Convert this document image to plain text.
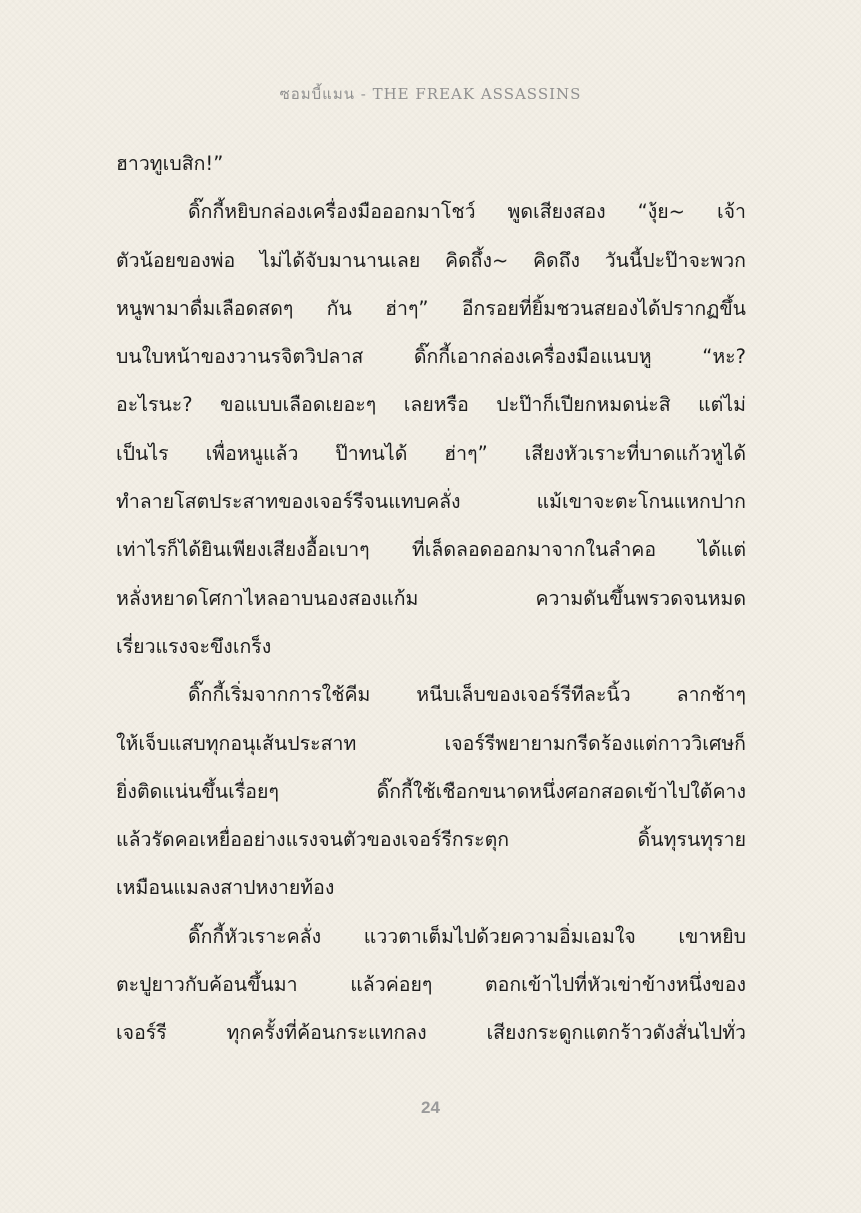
ซอมบี้แมน - THE FREAK ASSASSINS
ฮาวทูเบสิก!”
ดิ๊กกี้หยิบกล่องเครื่องมือออกมาโชว์ พูดเสียงสอง “งุ้ย~ เจ้า
ตัวน้อยของพ่อ ไม่ได้จับมานานเลย คิดถึ้ง~ คิดถึง วันนี้ปะป๊าจะพวก
หนูพามาดื่มเลือดสดๆ กัน ฮ่าๆ” อีกรอยที่ยิ้มชวนสยองได้ปรากฏขึ้น
บนใบหน้าของวานรจิตวิปลาส ดิ๊กกี้เอากล่องเครื่องมือแนบหู “หะ?
อะไรนะ? ขอแบบเลือดเยอะๆ เลยหรือ ปะป๊าก็เปียกหมดน่ะสิ แต่ไม่
เป็นไร เพื่อหนูแล้ว ป๊าทนได้ ฮ่าๆ” เสียงหัวเราะที่บาดแก้วหูได้
ทำลายโสตประสาทของเจอร์รีจนแทบคลั่ง แม้เขาจะตะโกนแหกปาก
เท่าไรก็ได้ยินเพียงเสียงอื้อเบาๆ ที่เล็ดลอดออกมาจากในลำคอ ได้แต่
หลั่งหยาดโศกาไหลอาบนองสองแก้ม ความดันขึ้นพรวดจนหมด
เรี่ยวแรงจะขึงเกร็ง
ดิ๊กกี้เริ่มจากการใช้คีม หนีบเล็บของเจอร์รีทีละนิ้ว ลากช้าๆ
ให้เจ็บแสบทุกอนุเส้นประสาท เจอร์รีพยายามกรีดร้องแต่กาววิเศษก็
ยิ่งติดแน่นขึ้นเรื่อยๆ ดิ๊กกี้ใช้เชือกขนาดหนึ่งศอกสอดเข้าไปใต้คาง
แล้วรัดคอเหยื่ออย่างแรงจนตัวของเจอร์รีกระตุก ดิ้นทุรนทุราย
เหมือนแมลงสาปหงายท้อง
ดิ๊กกี้หัวเราะคลั่ง แววตาเต็มไปด้วยความอิ่มเอมใจ เขาหยิบ
ตะปูยาวกับค้อนขึ้นมา แล้วค่อยๆ ตอกเข้าไปที่หัวเข่าข้างหนึ่งของ
เจอร์รี ทุกครั้งที่ค้อนกระแทกลง เสียงกระดูกแตกร้าวดังสั่นไปทั่ว
24
